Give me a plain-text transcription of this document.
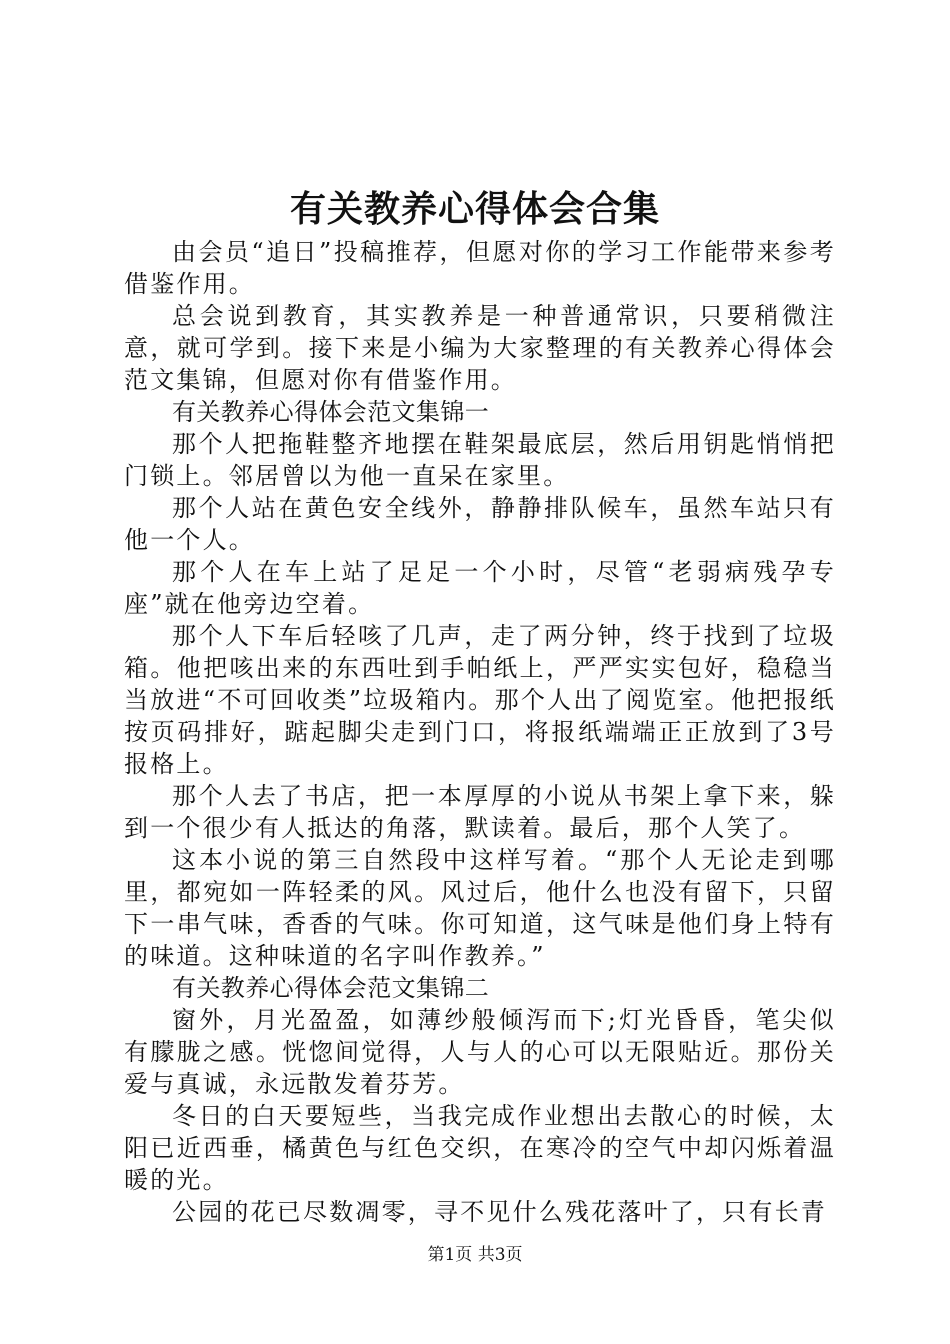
有关教养心得体会合集

由会员“追日”投稿推荐，但愿对你的学习工作能带来参考借鉴作用。

总会说到教育，其实教养是一种普通常识，只要稍微注意，就可学到。接下来是小编为大家整理的有关教养心得体会范文集锦，但愿对你有借鉴作用。

有关教养心得体会范文集锦一

那个人把拖鞋整齐地摆在鞋架最底层，然后用钥匙悄悄把门锁上。邻居曾以为他一直呆在家里。

那个人站在黄色安全线外，静静排队候车，虽然车站只有他一个人。

那个人在车上站了足足一个小时，尽管“老弱病残孕专座”就在他旁边空着。

那个人下车后轻咳了几声，走了两分钟，终于找到了垃圾箱。他把咳出来的东西吐到手帕纸上，严严实实包好，稳稳当当放进“不可回收类”垃圾箱内。那个人出了阅览室。他把报纸按页码排好，踮起脚尖走到门口，将报纸端端正正放到了3号报格上。

那个人去了书店，把一本厚厚的小说从书架上拿下来，躲到一个很少有人抵达的角落，默读着。最后，那个人笑了。

这本小说的第三自然段中这样写着。“那个人无论走到哪里，都宛如一阵轻柔的风。风过后，他什么也没有留下，只留下一串气味，香香的气味。你可知道，这气味是他们身上特有的味道。这种味道的名字叫作教养。”

有关教养心得体会范文集锦二

窗外，月光盈盈，如薄纱般倾泻而下;灯光昏昏，笔尖似有朦胧之感。恍惚间觉得，人与人的心可以无限贴近。那份关爱与真诚，永远散发着芬芳。

冬日的白天要短些，当我完成作业想出去散心的时候，太阳已近西垂，橘黄色与红色交织，在寒冷的空气中却闪烁着温暖的光。

公园的花已尽数凋零，寻不见什么残花落叶了，只有长青

第1页 共3页
